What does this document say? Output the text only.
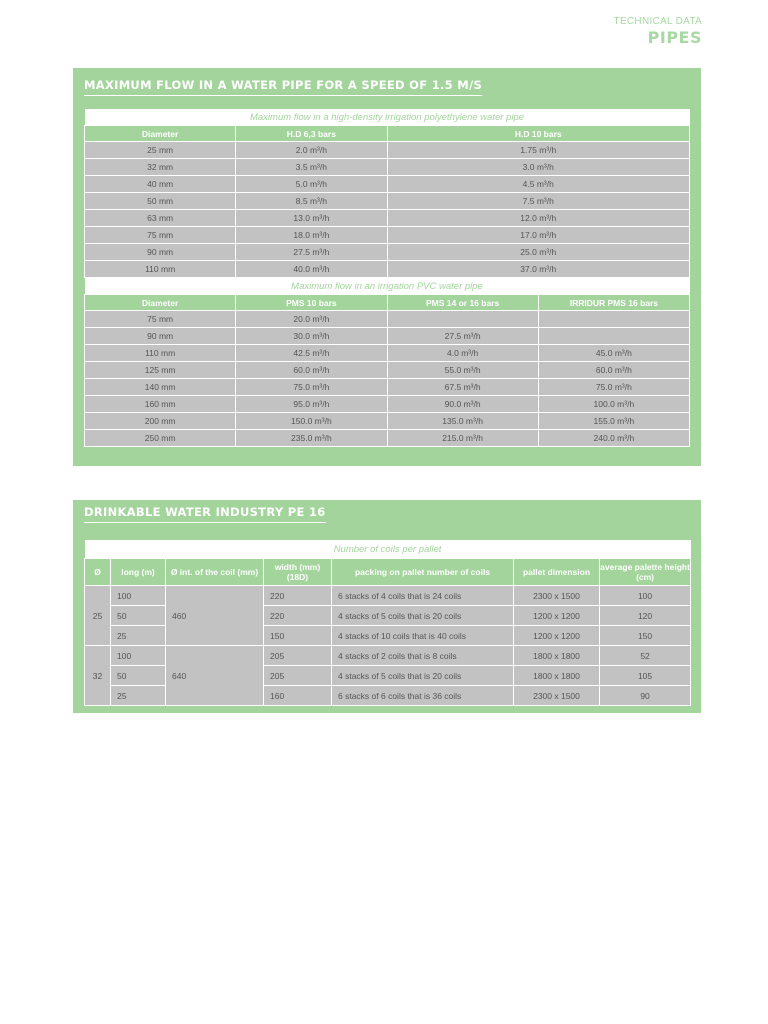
TECHNICAL DATA
PIPES
MAXIMUM FLOW IN A WATER PIPE FOR A SPEED OF 1.5 M/S
Maximum flow in a high-density irrigation polyethylene water pipe			
Diameter	H.D 6,3 bars	H.D 10 bars	
25 mm	2.0 m³/h	1.75 m³/h	
32 mm	3.5 m³/h	3.0 m³/h	
40 mm	5.0 m³/h	4.5 m³/h	
50 mm	8.5 m³/h	7.5 m³/h	
63 mm	13.0 m³/h	12.0 m³/h	
75 mm	18.0 m³/h	17.0 m³/h	
90 mm	27.5 m³/h	25.0 m³/h	
110 mm	40.0 m³/h	37.0 m³/h	
Maximum flow in an irrigation PVC water pipe			
Diameter	PMS 10 bars	PMS 14 or 16 bars	IRRIDUR PMS 16 bars
75 mm	20.0 m³/h		
90 mm	30.0 m³/h	27.5 m³/h	
110 mm	42.5 m³/h	4.0 m³/h	45.0 m³/h
125 mm	60.0 m³/h	55.0 m³/h	60.0 m³/h
140 mm	75.0 m³/h	67.5 m³/h	75.0 m³/h
160 mm	95.0 m³/h	90.0 m³/h	100.0 m³/h
200 mm	150.0 m³/h	135.0 m³/h	155.0 m³/h
250 mm	235.0 m³/h	215.0 m³/h	240.0 m³/h
DRINKABLE WATER INDUSTRY PE 16
Number of coils per pallet						
Ø	long (m)	Ø int. of the coil (mm)	width (mm) (18D)	packing on pallet number of coils	pallet dimension	average palette height (cm)
25	100	460	220	6 stacks of 4 coils that is 24 coils	2300 x 1500	100
	50		220	4 stacks of 5 coils that is 20 coils	1200 x 1200	120
	25		150	4 stacks of 10 coils that is 40 coils	1200 x 1200	150
32	100	640	205	4 stacks of 2 coils that is 8 coils	1800 x 1800	52
	50		205	4 stacks of 5 coils that is 20 coils	1800 x 1800	105
	25		160	6 stacks of 6 coils that is 36 coils	2300 x 1500	90
